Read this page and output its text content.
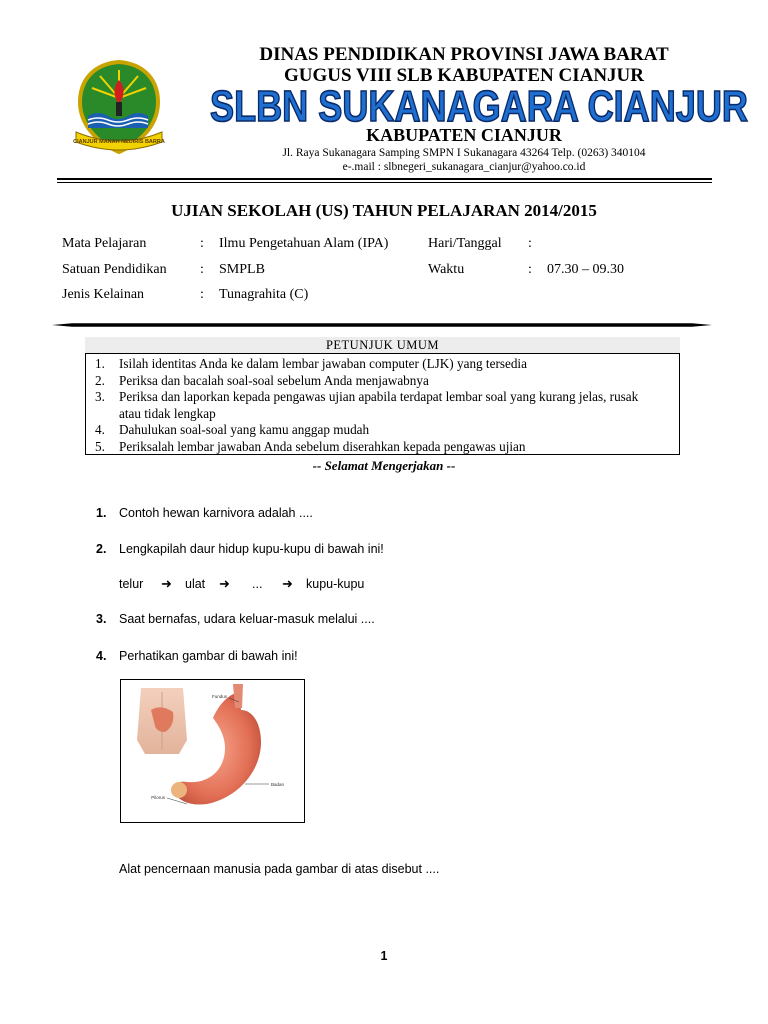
CIANJUR MANAH NEUIRIS BARRA
DINAS PENDIDIKAN PROVINSI JAWA BARAT
GUGUS VIII SLB KABUPATEN CIANJUR
SLBN SUKANAGARA CIANJUR
KABUPATEN CIANJUR
Jl. Raya Sukanagara Samping SMPN I Sukanagara 43264 Telp. (0263) 340104
e-.mail : slbnegeri_sukanagara_cianjur@yahoo.co.id
UJIAN SEKOLAH (US) TAHUN PELAJARAN 2014/2015
Mata Pelajaran	: Ilmu Pengetahuan Alam (IPA)	Hari/Tanggal :
Satuan Pendidikan : SMPLB	Waktu	: 07.30 – 09.30
Jenis Kelainan	: Tunagrahita (C)
PETUNJUK UMUM
1. Isilah identitas Anda ke dalam lembar jawaban computer (LJK) yang tersedia
2. Periksa dan bacalah soal-soal sebelum Anda menjawabnya
3. Periksa dan laporkan kepada pengawas ujian apabila terdapat lembar soal yang kurang jelas, rusak atau tidak lengkap
4. Dahulukan soal-soal yang kamu anggap mudah
5. Periksalah lembar jawaban Anda sebelum diserahkan kepada pengawas ujian
-- Selamat Mengerjakan --
1. Contoh hewan karnivora adalah ....
2. Lengkapilah daur hidup kupu-kupu di bawah ini!
telur ➜ ulat ➜ ... ➜ kupu-kupu
3. Saat bernafas, udara keluar-masuk melalui ....
4. Perhatikan gambar di bawah ini!
Fundus
Badan
Pilorus
Alat pencernaan manusia pada gambar di atas disebut ....
1
